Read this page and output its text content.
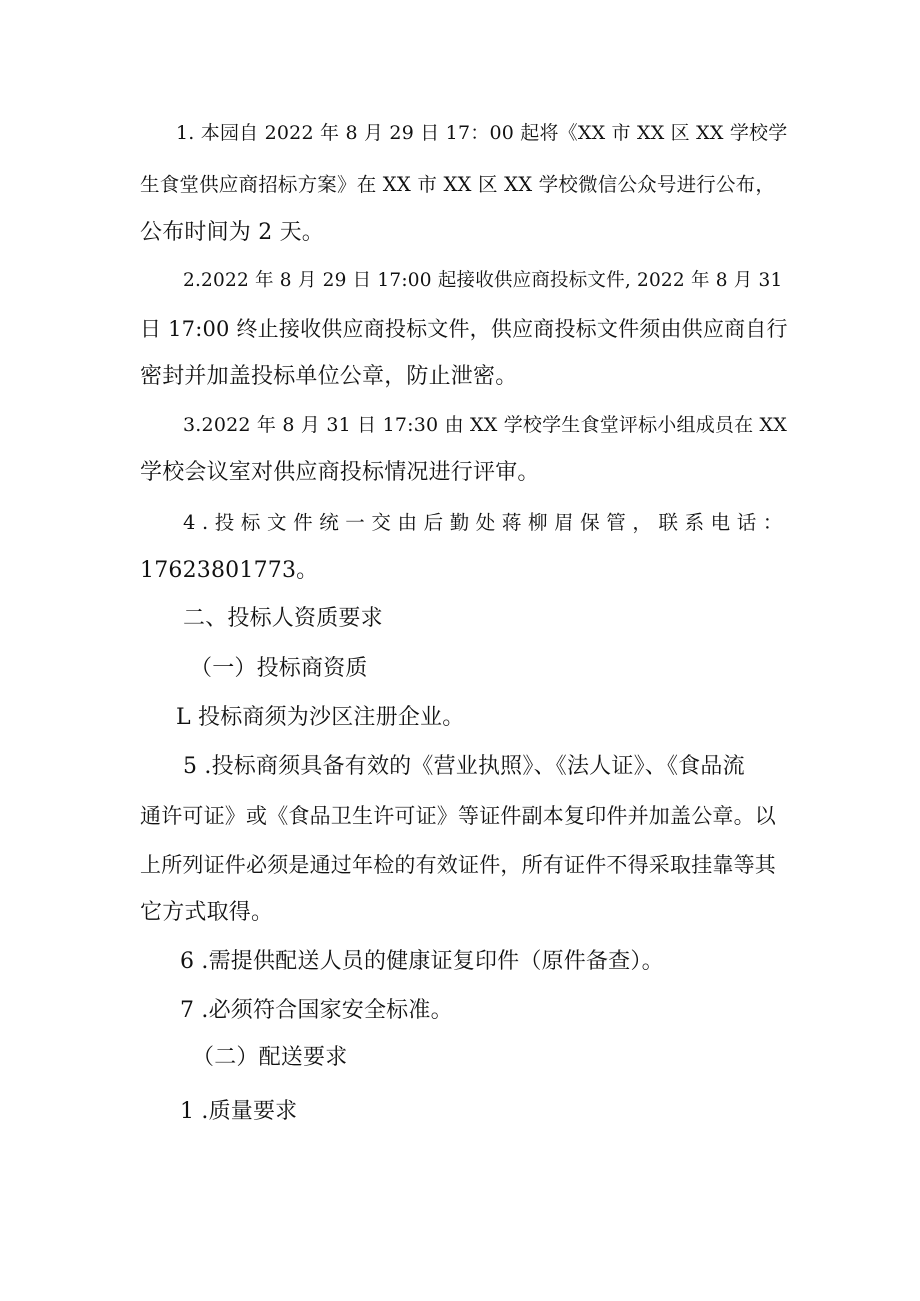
1. 本园自 2022 年 8 月 29 日 17：00 起将《XX 市 XX 区 XX 学校学
生食堂供应商招标方案》在 XX 市 XX 区 XX 学校微信公众号进行公布，
公布时间为 2 天。
2.2022 年 8 月 29 日 17:00 起接收供应商投标文件, 2022 年 8 月 31
日 17:00 终止接收供应商投标文件，供应商投标文件须由供应商自行
密封并加盖投标单位公章，防止泄密。
3.2022 年 8 月 31 日 17:30 由 XX 学校学生食堂评标小组成员在 XX
学校会议室对供应商投标情况进行评审。
4 . 投 标 文 件 统 一 交 由 后 勤 处 蒋 柳 眉 保 管 ， 联 系 电 话 ：
17623801773。
二、投标人资质要求
（一）投标商资质
L 投标商须为沙区注册企业。
5 .投标商须具备有效的《营业执照》、《法人证》、《食品流
通许可证》或《食品卫生许可证》等证件副本复印件并加盖公章。以
上所列证件必须是通过年检的有效证件，所有证件不得采取挂靠等其
它方式取得。
6 .需提供配送人员的健康证复印件（原件备查）。
7 .必须符合国家安全标准。
（二）配送要求
1 .质量要求
